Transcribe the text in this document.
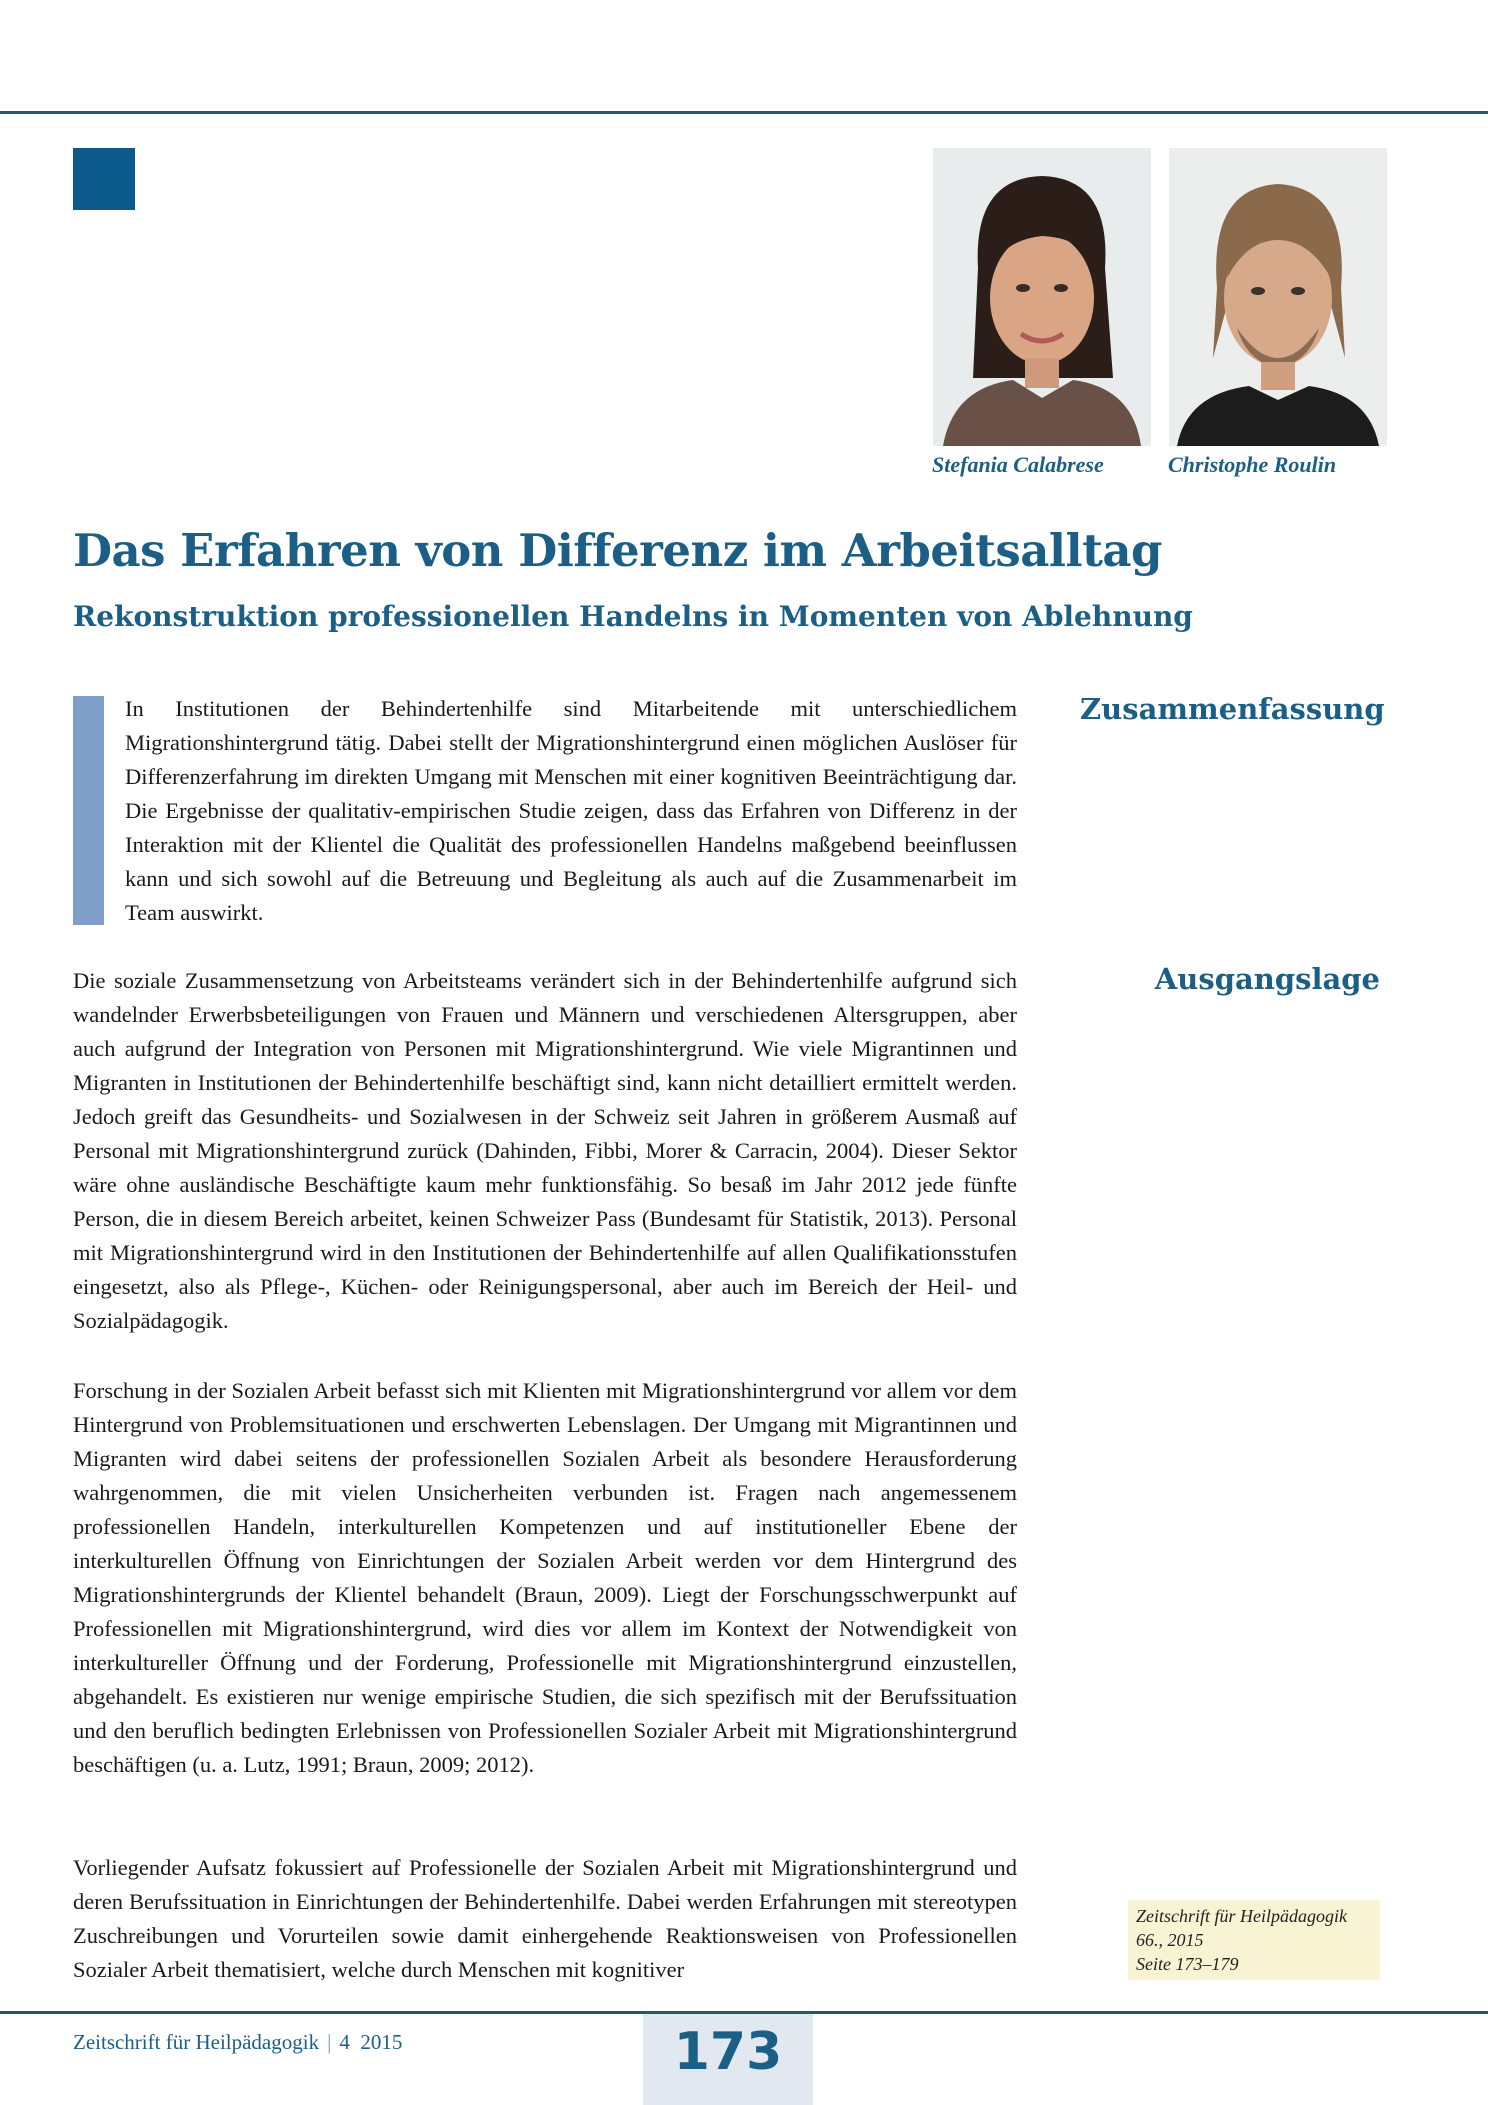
Stefania Calabrese	Christophe Roulin
Das Erfahren von Differenz im Arbeitsalltag
Rekonstruktion professionellen Handelns in Momenten von Ablehnung

In Institutionen der Behindertenhilfe sind Mitarbeitende mit unterschiedlichem Migrationshintergrund tätig. Dabei stellt der Migrationshintergrund einen möglichen Auslöser für Differenzerfahrung im direkten Umgang mit Menschen mit einer kognitiven Beeinträchtigung dar. Die Ergebnisse der qualitativ-empirischen Studie zeigen, dass das Erfahren von Differenz in der Interaktion mit der Klientel die Qualität des professionellen Handelns maßgebend beeinflussen kann und sich sowohl auf die Betreuung und Begleitung als auch auf die Zusammenarbeit im Team auswirkt.

Zusammenfassung
Ausgangslage

Die soziale Zusammensetzung von Arbeitsteams verändert sich in der Behindertenhilfe aufgrund sich wandelnder Erwerbsbeteiligungen von Frauen und Männern und verschiedenen Altersgruppen, aber auch aufgrund der Integration von Personen mit Migrationshintergrund. Wie viele Migrantinnen und Migranten in Institutionen der Behindertenhilfe beschäftigt sind, kann nicht detailliert ermittelt werden. Jedoch greift das Gesundheits- und Sozialwesen in der Schweiz seit Jahren in größerem Ausmaß auf Personal mit Migrationshintergrund zurück (Dahinden, Fibbi, Morer & Carracin, 2004). Dieser Sektor wäre ohne ausländische Beschäftigte kaum mehr funktionsfähig. So besaß im Jahr 2012 jede fünfte Person, die in diesem Bereich arbeitet, keinen Schweizer Pass (Bundesamt für Statistik, 2013). Personal mit Migrationshintergrund wird in den Institutionen der Behindertenhilfe auf allen Qualifikationsstufen eingesetzt, also als Pflege-, Küchen- oder Reinigungspersonal, aber auch im Bereich der Heil- und Sozialpädagogik.

Forschung in der Sozialen Arbeit befasst sich mit Klienten mit Migrationshintergrund vor allem vor dem Hintergrund von Problemsituationen und erschwerten Lebenslagen. Der Umgang mit Migrantinnen und Migranten wird dabei seitens der professionellen Sozialen Arbeit als besondere Herausforderung wahrgenommen, die mit vielen Unsicherheiten verbunden ist. Fragen nach angemessenem professionellen Handeln, interkulturellen Kompetenzen und auf institutioneller Ebene der interkulturellen Öffnung von Einrichtungen der Sozialen Arbeit werden vor dem Hintergrund des Migrationshintergrunds der Klientel behandelt (Braun, 2009). Liegt der Forschungsschwerpunkt auf Professionellen mit Migrationshintergrund, wird dies vor allem im Kontext der Notwendigkeit von interkultureller Öffnung und der Forderung, Professionelle mit Migrationshintergrund einzustellen, abgehandelt. Es existieren nur wenige empirische Studien, die sich spezifisch mit der Berufssituation und den beruflich bedingten Erlebnissen von Professionellen Sozialer Arbeit mit Migrationshintergrund beschäftigen (u. a. Lutz, 1991; Braun, 2009; 2012).

Vorliegender Aufsatz fokussiert auf Professionelle der Sozialen Arbeit mit Migrationshintergrund und deren Berufssituation in Einrichtungen der Behindertenhilfe. Dabei werden Erfahrungen mit stereotypen Zuschreibungen und Vorurteilen sowie damit einhergehende Reaktionsweisen von Professionellen Sozialer Arbeit thematisiert, welche durch Menschen mit kognitiver

Zeitschrift für Heilpädagogik
66., 2015
Seite 173–179
Zeitschrift für Heilpädagogik | 4 2015	173
